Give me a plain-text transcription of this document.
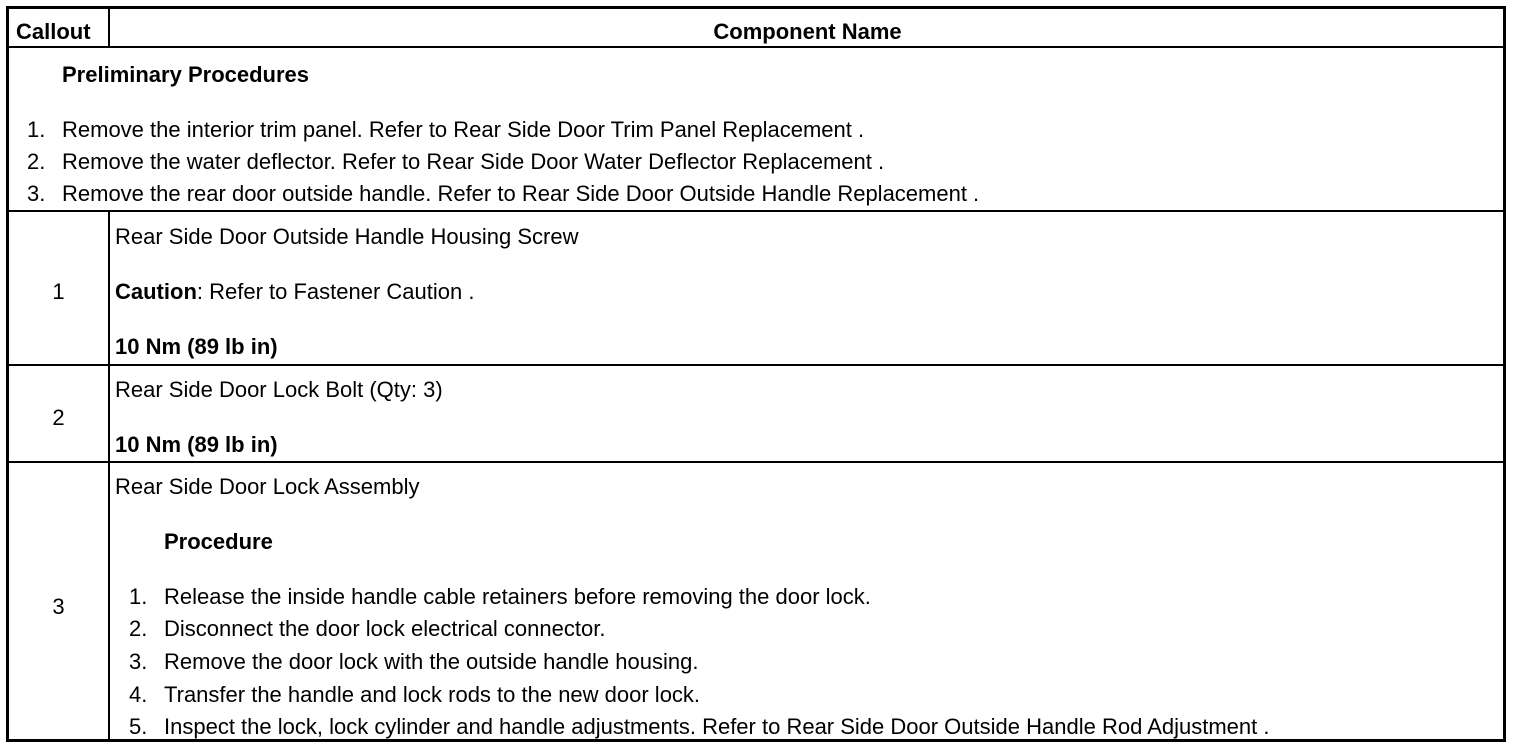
Callout	Component Name
Preliminary Procedures
1. Remove the interior trim panel. Refer to Rear Side Door Trim Panel Replacement .
2. Remove the water deflector. Refer to Rear Side Door Water Deflector Replacement .
3. Remove the rear door outside handle. Refer to Rear Side Door Outside Handle Replacement .
1
Rear Side Door Outside Handle Housing Screw
Caution: Refer to Fastener Caution .
10 Nm (89 lb in)
2
Rear Side Door Lock Bolt (Qty: 3)
10 Nm (89 lb in)
3
Rear Side Door Lock Assembly
Procedure
1. Release the inside handle cable retainers before removing the door lock.
2. Disconnect the door lock electrical connector.
3. Remove the door lock with the outside handle housing.
4. Transfer the handle and lock rods to the new door lock.
5. Inspect the lock, lock cylinder and handle adjustments. Refer to Rear Side Door Outside Handle Rod Adjustment .
